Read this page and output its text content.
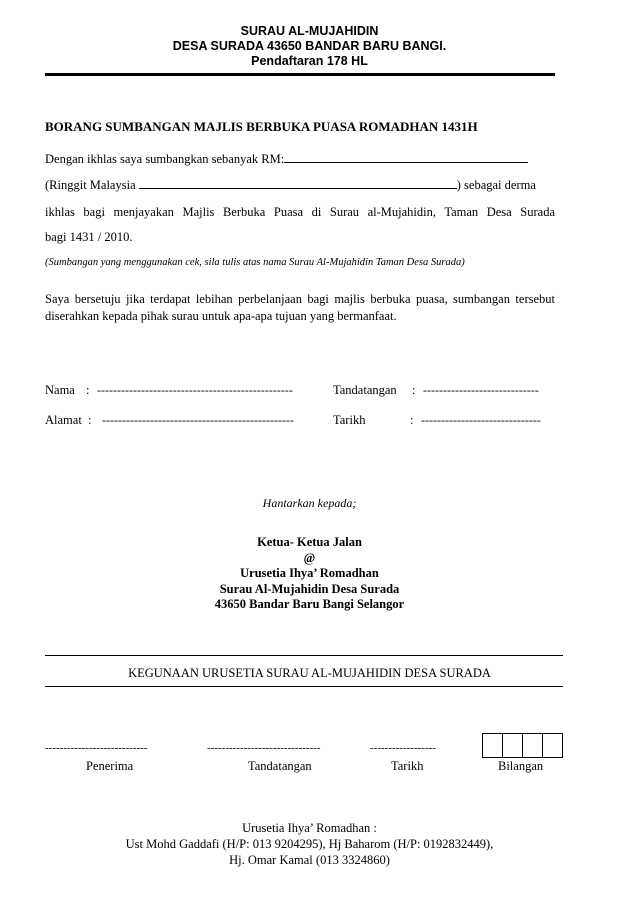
SURAU AL-MUJAHIDIN
DESA SURADA 43650 BANDAR BARU BANGI.
Pendaftaran 178 HL
BORANG SUMBANGAN MAJLIS BERBUKA PUASA ROMADHAN 1431H
Dengan ikhlas saya sumbangkan sebanyak RM:
(Ringgit Malaysia	) sebagai derma
ikhlas bagi menjayakan Majlis Berbuka Puasa di Surau al-Mujahidin, Taman Desa Surada
bagi 1431 / 2010.
(Sumbangan yang menggunakan cek, sila tulis atas nama Surau Al-Mujahidin Taman Desa Surada)
Saya bersetuju jika terdapat lebihan perbelanjaan bagi majlis berbuka puasa, sumbangan tersebut diserahkan kepada pihak surau untuk apa-apa tujuan yang bermanfaat.
Nama : -------------------------------------------------	Tandatangan : -----------------------------
Alamat : ------------------------------------------------	Tarikh	: ------------------------------
Hantarkan kepada;
Ketua- Ketua Jalan
@
Urusetia Ihya’ Romadhan
Surau Al-Mujahidin Desa Surada
43650 Bandar Baru Bangi Selangor
KEGUNAAN URUSETIA SURAU AL-MUJAHIDIN DESA SURADA
----------------------------	-------------------------------	------------------
Penerima	Tandatangan	Tarikh	Bilangan
Urusetia Ihya’ Romadhan :
Ust Mohd Gaddafi (H/P: 013 9204295), Hj Baharom (H/P: 0192832449),
Hj. Omar Kamal (013 3324860)
